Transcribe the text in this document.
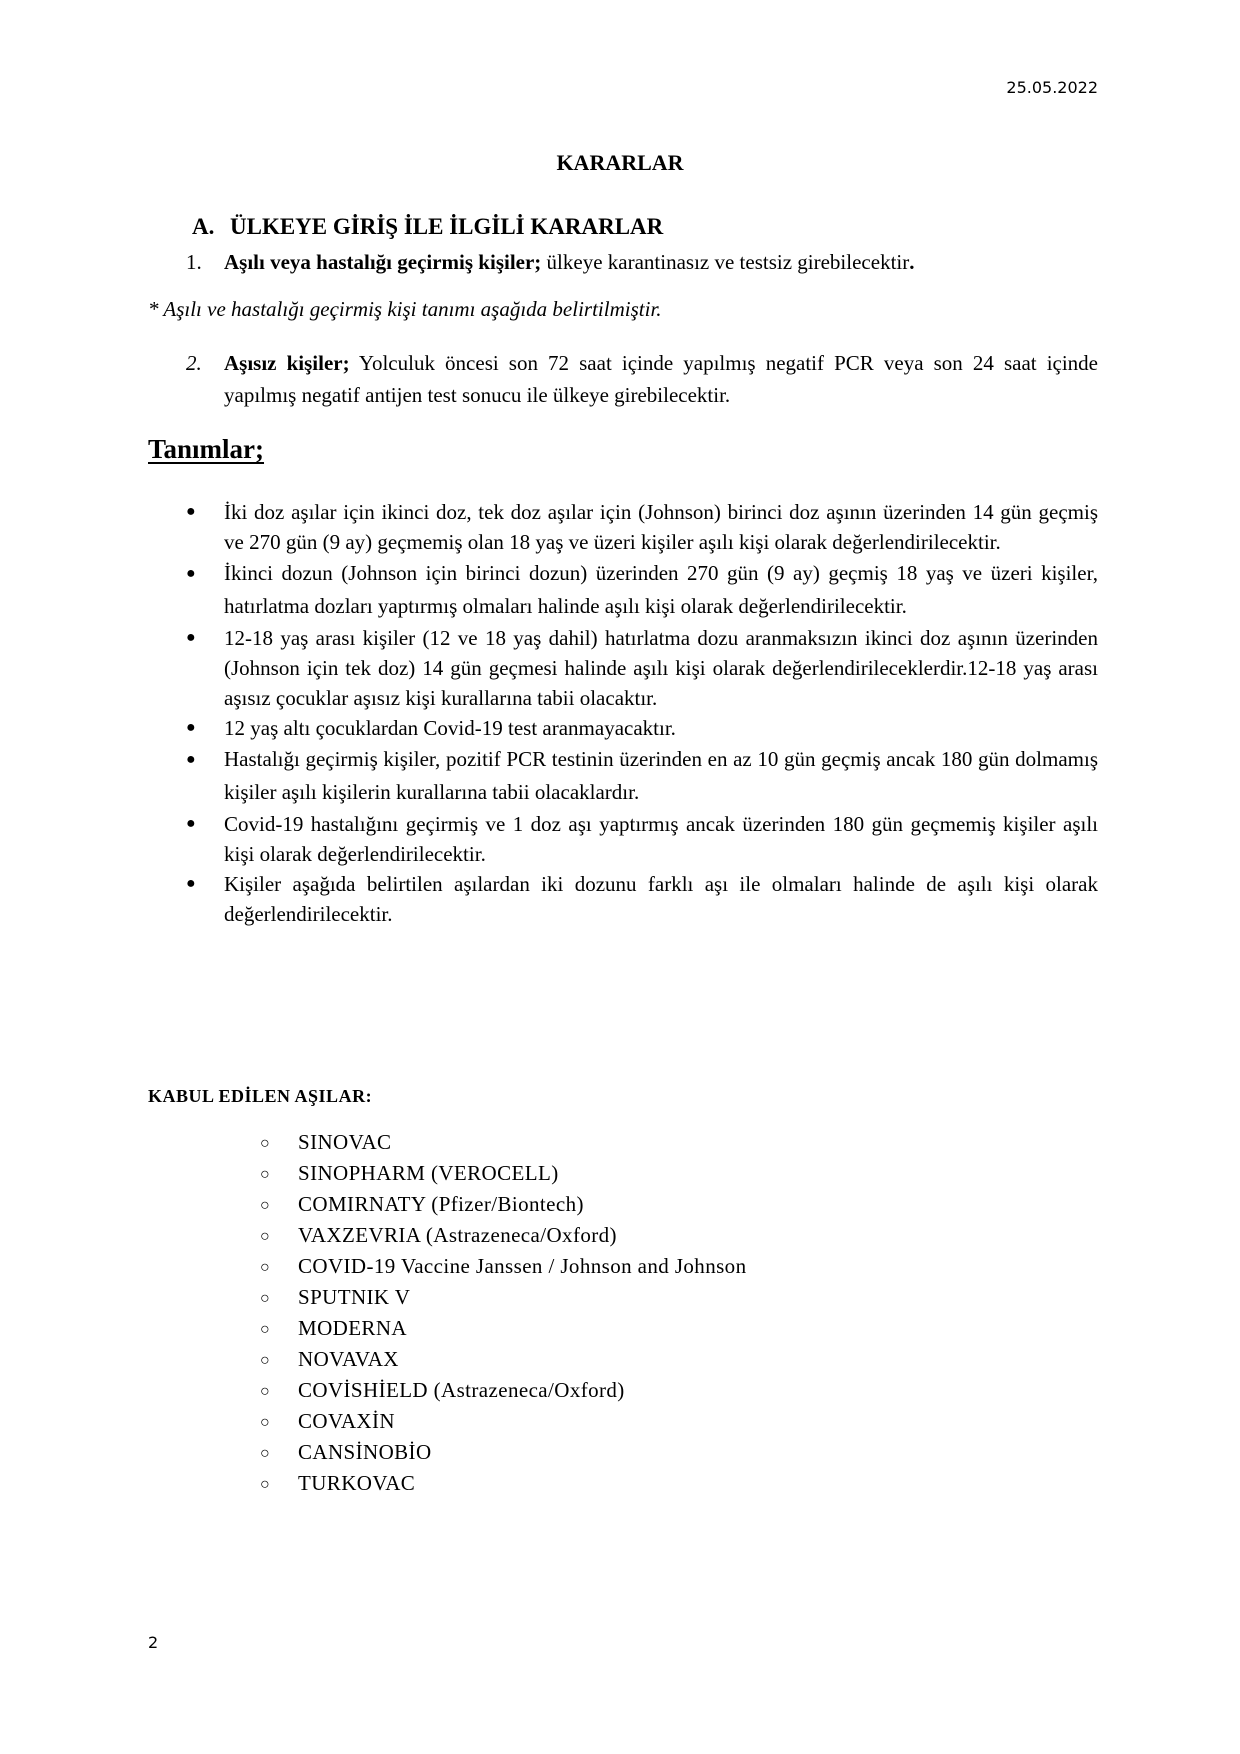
25.05.2022
KARARLAR
A. ÜLKEYE GİRİŞ İLE İLGİLİ KARARLAR
1. Aşılı veya hastalığı geçirmiş kişiler; ülkeye karantinasız ve testsiz girebilecektir.
* Aşılı ve hastalığı geçirmiş kişi tanımı aşağıda belirtilmiştir.
2.	Aşısız kişiler; Yolculuk öncesi son 72 saat içinde yapılmış negatif PCR veya son 24 saat içinde yapılmış negatif antijen test sonucu ile ülkeye girebilecektir.
Tanımlar;
● İki doz aşılar için ikinci doz, tek doz aşılar için (Johnson) birinci doz aşının üzerinden 14 gün geçmiş ve 270 gün (9 ay) geçmemiş olan 18 yaş ve üzeri kişiler aşılı kişi olarak değerlendirilecektir.
● İkinci dozun (Johnson için birinci dozun) üzerinden 270 gün (9 ay) geçmiş 18 yaş ve üzeri kişiler, hatırlatma dozları yaptırmış olmaları halinde aşılı kişi olarak değerlendirilecektir.
● 12-18 yaş arası kişiler (12 ve 18 yaş dahil) hatırlatma dozu aranmaksızın ikinci doz aşının üzerinden (Johnson için tek doz) 14 gün geçmesi halinde aşılı kişi olarak değerlendirileceklerdir.12-18 yaş arası aşısız çocuklar aşısız kişi kurallarına tabii olacaktır.
● 12 yaş altı çocuklardan Covid-19 test aranmayacaktır.
● Hastalığı geçirmiş kişiler, pozitif PCR testinin üzerinden en az 10 gün geçmiş ancak 180 gün dolmamış kişiler aşılı kişilerin kurallarına tabii olacaklardır.
● Covid-19 hastalığını geçirmiş ve 1 doz aşı yaptırmış ancak üzerinden 180 gün geçmemiş kişiler aşılı kişi olarak değerlendirilecektir.
● Kişiler aşağıda belirtilen aşılardan iki dozunu farklı aşı ile olmaları halinde de aşılı kişi olarak değerlendirilecektir.
KABUL EDİLEN AŞILAR:
○ SINOVAC
○ SINOPHARM (VEROCELL)
○ COMIRNATY (Pfizer/Biontech)
○ VAXZEVRIA (Astrazeneca/Oxford)
○ COVID-19 Vaccine Janssen / Johnson and Johnson
○ SPUTNIK V
○ MODERNA
○ NOVAVAX
○ COVİSHİELD (Astrazeneca/Oxford)
○ COVAXİN
○ CANSİNOBİO
○ TURKOVAC
2
